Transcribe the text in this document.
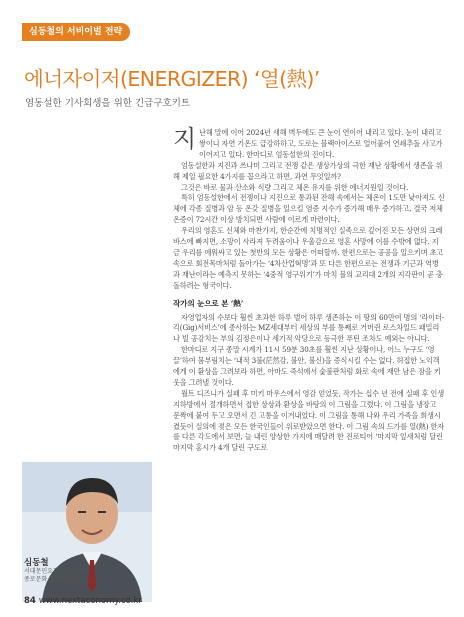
심동철의 서비이벌 전략
에너자이저(ENERGIZER) ‘열(熱)’
염동설한 기사회생을 위한 긴급구호키트

지난해 말에 이어 2024년 새해 벽두에도 큰 눈이 연이어 내리고 있다. 눈이 내리고 쌓이니 자연 기온도 급강하하고, 도로는 블랙아이스로 얼어붙어 연쇄추돌 사고가 이어지고 있다. 한마디로 엄동설한의 진이다.

엄동설한과 지진과 쓰나미 그리고 전쟁 같은 생상가상의 극한 재난 상황에서 생존을 위해 제일 필요한 4가지를 꼽으라고 하면, 과연 무엇일까?

그것은 바로 물과 산소와 식량 그리고 체온 유지를 위한 에너지원일 것이다.

특히 엄동설한에서 전쟁이나 지진으로 통과된 잔해 속에서는 체온이 1도만 낮아져도 신체에 각종 질병과 암 등 온갖 질병을 일으킬 염증 지수가 증가해 매우 증가하고, 결국 저체온증이 72시간 이상 방치되면 사람에 이르게 마련이다.

우리의 영혼도 신체와 마찬가지, 한순간에 치명적인 실족으로 깊어진 모든 상면의 크레바스에 빠지면, 소망이 사라져 두려움이나 우울감으로 영혼 사망에 이를 수밖에 없다. 지금 우리를 에워싸고 있는 첫반의 모든 상황은 어떠할까. 한편으로는 공공을 일으키며 초고속으로 회전목마처럼 돌아가는 ‘4차산업혁명’과 또 다른 한편으로는 전쟁과 기근과 역병과 재난이라는 예측지 못하는 ‘4중적 영구위기’가 마치 블의 교리대 2개의 지각판이 곧 충돌하려는 형국이다.

작가의 눈으로 본 ‘熱’

자영업자의 수보다 훨씬 초과한 하루 벌어 하루 생존하는 이 땅의 60만여 명의 ‘라이더-긱(Gig)서비스’에 종사하는 MZ세대부터 세상의 부를 통째로 거머쥔 로스차일드 패밀리나 빌 공감치는 부의 김정은이나 세기적 악당으로 등극한 푸틴 조차도 예외는 아니다.

한마디로 지구 종말 시계가 11시 59분 30초를 훨씬 지난 상황이나, 어느 누구도 ‘영끌’하여 뭄부림치는 ‘내적 3불(茫然감, 불안, 불신)을 증식시킬 수는 없다. 허접한 노익객에게 이 환상을 그려보라 하면, 아마도 즉석에서 숯불판처럼 화로 속에 재만 남은 잠을 키웃을 그려낼 것이다.

월트 디즈니가 실패 후 미키 마우스에서 영감 얻었듯, 작가는 십수 년 전에 실패 후 인생지하방에서 절개하면서 접한 상상과 환상을 바탕의 이 그림을 그렸다. 이 그림을 냉장고 문짝에 붙여 두고 오면서 긴 고통을 이겨내었다. 이 그림을 통해 나와 우리 가족을 희생시켰듯이 실의에 젖은 모든 한국인들이 위로받았으면 한다. 이 그림 속의 드가를 열(熱) 한자를 다른 각도에서 보면, 늘 내린 양상한 가지에 매달려 한 진로티어 ‘마지막 잎새처럼 달린 마지막 홍시가 4개 달린 구도로

심동철
서대문민요회(제1급)회장
종로문화 명예홍보위원
84 www.nextaconomy.co.kr
